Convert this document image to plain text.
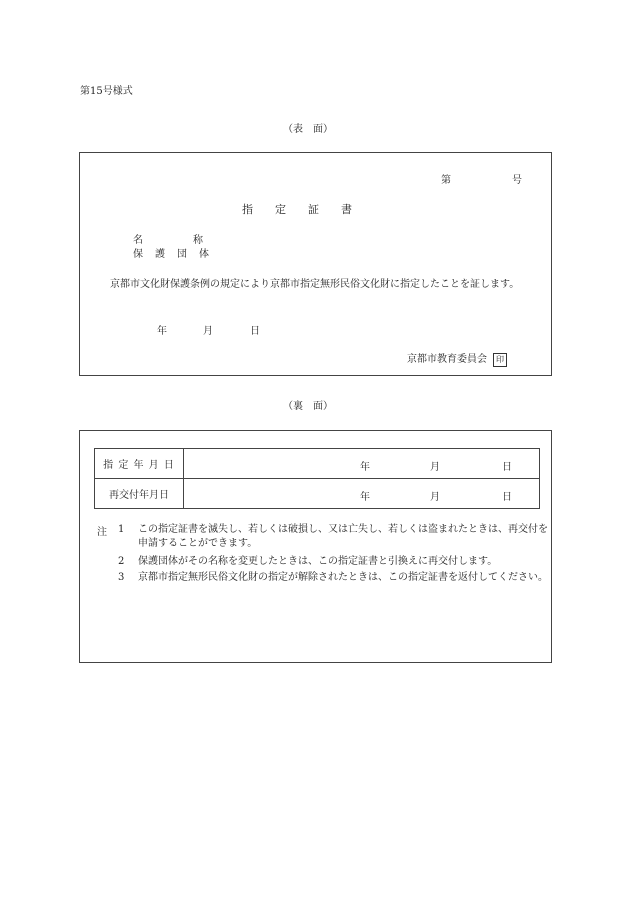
第15号様式
（表　面）
第	号
指　　定　　証　　書
名　　　　　称
保　護　団　体
　京都市文化財保護条例の規定により京都市指定無形民俗文化財に指定したことを証します。
年	月	日
京都市教育委員会 印
（裏　面）
指 定 年 月 日	年 月 日

再交付年月日	年 月 日
注 1	この指定証書を滅失し、若しくは破損し、又は亡失し、若しくは盗まれたときは、再交付を申請することができます。
2	保護団体がその名称を変更したときは、この指定証書と引換えに再交付します。
3	京都市指定無形民俗文化財の指定が解除されたときは、この指定証書を返付してください。
